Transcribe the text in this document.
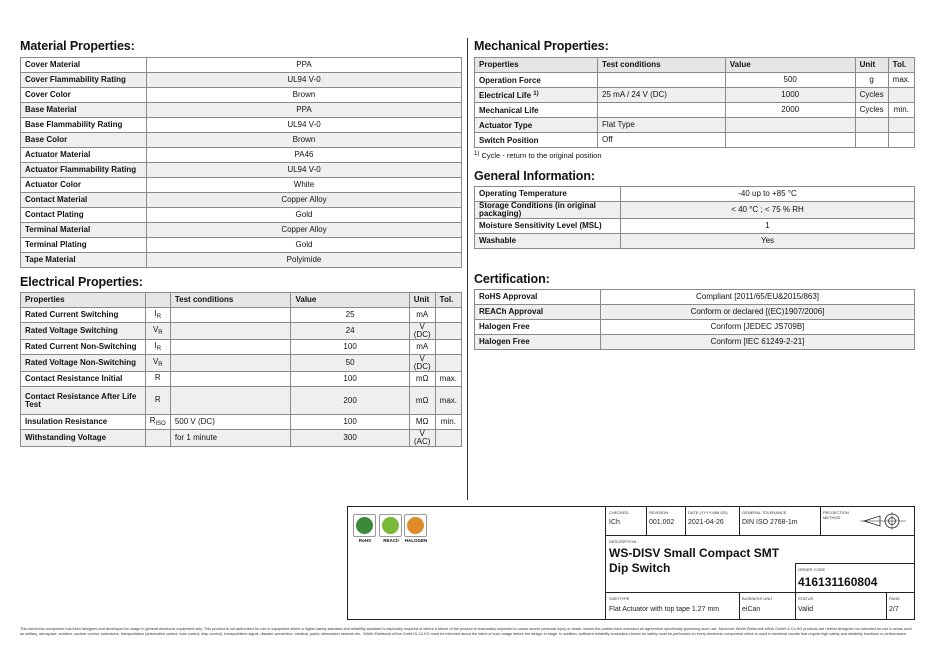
Material Properties:
Cover Material	PPA
Cover Flammability Rating	UL94 V-0
Cover Color	Brown
Base Material	PPA
Base Flammability Rating	UL94 V-0
Base Color	Brown
Actuator Material	PA46
Actuator Flammability Rating	UL94 V-0
Actuator Color	White
Contact Material	Copper Alloy
Contact Plating	Gold
Terminal Material	Copper Alloy
Terminal Plating	Gold
Tape Material	Polyimide
Electrical Properties:
Properties		Test conditions	Value	Unit	Tol.
Rated Current Switching	$I_R$		25	mA	
Rated Voltage Switching	$V_R$		24	V (DC)	
Rated Current Non-Switching	$I_R$		100	mA	
Rated Voltage Non-Switching	$V_R$		50	V (DC)	
Contact Resistance Initial	R		100	mΩ	max.
Contact Resistance After Life Test	R		200	mΩ	max.
Insulation Resistance	$R_{ISO}$	500 V (DC)	100	MΩ	min.
Withstanding Voltage		for 1 minute	300	V (AC)	
Mechanical Properties:
Properties	Test conditions	Value	Unit	Tol.
Operation Force		500	g	max.
Electrical Life $^{1)}$	25 mA / 24 V (DC)	1000	Cycles	
Mechanical Life		2000	Cycles	min.
Actuator Type	Flat Type			
Switch Position	Off			
$^{1)}$ Cycle - return to the original position
General Information:
Operating Temperature	-40 up to +85 °C
Storage Conditions (in original packaging)	< 40 °C ; < 75 % RH
Moisture Sensitivity Level (MSL)	1
Washable	Yes
Certification:
RoHS Approval	Compliant [2011/65/EU&2015/863]
REACh Approval	Conform or declared [(EC)1907/2006]
Halogen Free	Conform [JEDEC JS709B]
Halogen Free	Conform [IEC 61249-2-21]
RoHS	REACh	HALOGEN
CHECKED
ICh
REVISION
001.002
DATE (YYYY-MM-DD)
2021-04-26
GENERAL TOLERANCE
DIN ISO 2768-1m
PROJECTION METHOD
DESCRIPTION
WS-DISV Small Compact SMT Dip Switch	ORDER CODE
416131160804
SIZE/TYPE
Flat Actuator with top tape 1.27 mm
BUSINESS UNIT
eiCan
STATUS
Valid
PAGE
2/7
This electronic component has been designed and developed for usage in general electronic equipment only. This product is not authorized for use in equipment where a higher safety standard and reliability standard is especially required or where a failure of the product is reasonably expected to cause severe personal injury or death, unless the parties have executed an agreement specifically governing such use. Moreover Würth Elektronik eiSos GmbH & Co KG products are neither designed nor intended for use in areas such as military, aerospace, aviation, nuclear control, submarine, transportation (automotive control, train control, ship control), transportation signal, disaster prevention, medical, public information network etc.. Würth Elektronik eiSos GmbH & Co KG must be informed about the intent of such usage before the design-in stage. In addition, sufficient reliability evaluation checks for safety must be performed on every electronic component which is used in electrical circuits that require high safety and reliability functions or performance.
